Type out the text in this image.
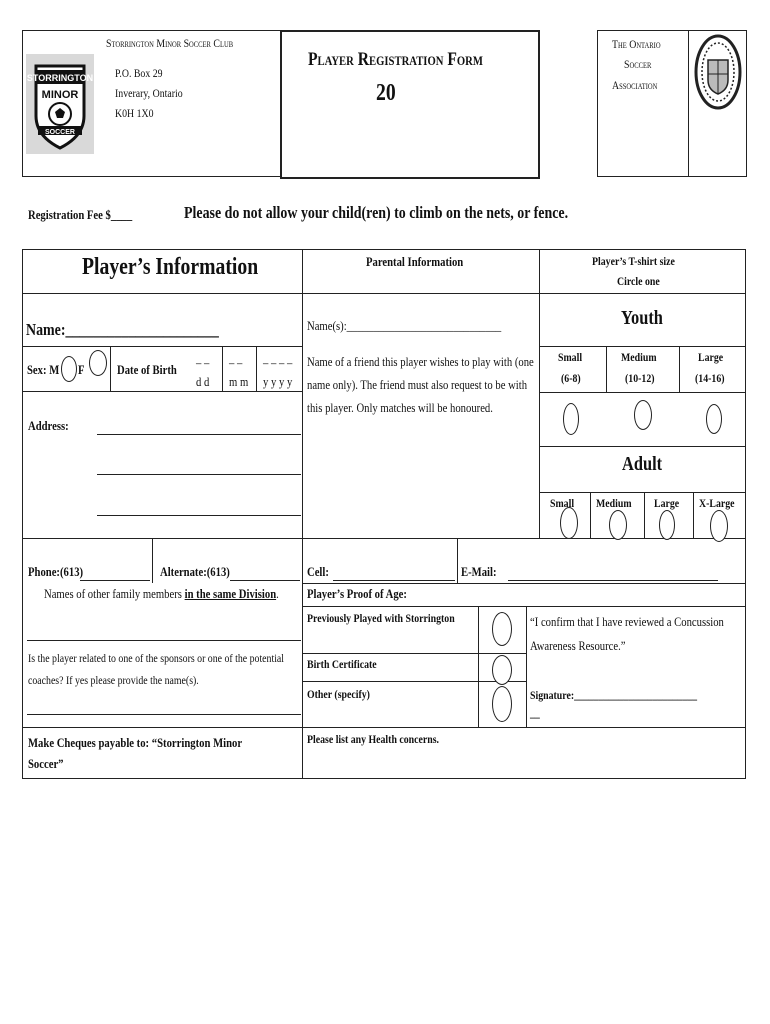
STORRINGTON
MINOR
SOCCER
Storrington Minor Soccer Club
P.O. Box 29
Inverary, Ontario
K0H 1X0
Player Registration Form
20
The Ontario
Soccer
Association
Registration Fee $____	Please do not allow your child(ren) to climb on the nets, or fence.
Player’s Information
Name:______________________
Sex: M	F Date of Birth	– –
d d
– –
m m
– – – –
y y y y
Address:
Phone:(613)	Alternate:(613)
Names of other family members in the same Division.
Is the player related to one of the sponsors or one of the potential coaches? If yes please provide the name(s).
Make Cheques payable to: “Storrington Minor Soccer”
Parental Information
Name(s):_____________________________
Name of a friend this player wishes to play with (one name only). The friend must also request to be with this player. Only matches will be honoured.
Cell:	E-Mail:
Player’s Proof of Age:
Previously Played with Storrington
Birth Certificate
Other (specify)
“I confirm that I have reviewed a Concussion Awareness Resource.”
Signature:_________________________
__
Please list any Health concerns.
Player’s T-shirt size
Circle one
Youth
Small
(6-8)
Medium
(10-12)
Large
(14-16)
Adult
Small	Medium	Large	X-Large
